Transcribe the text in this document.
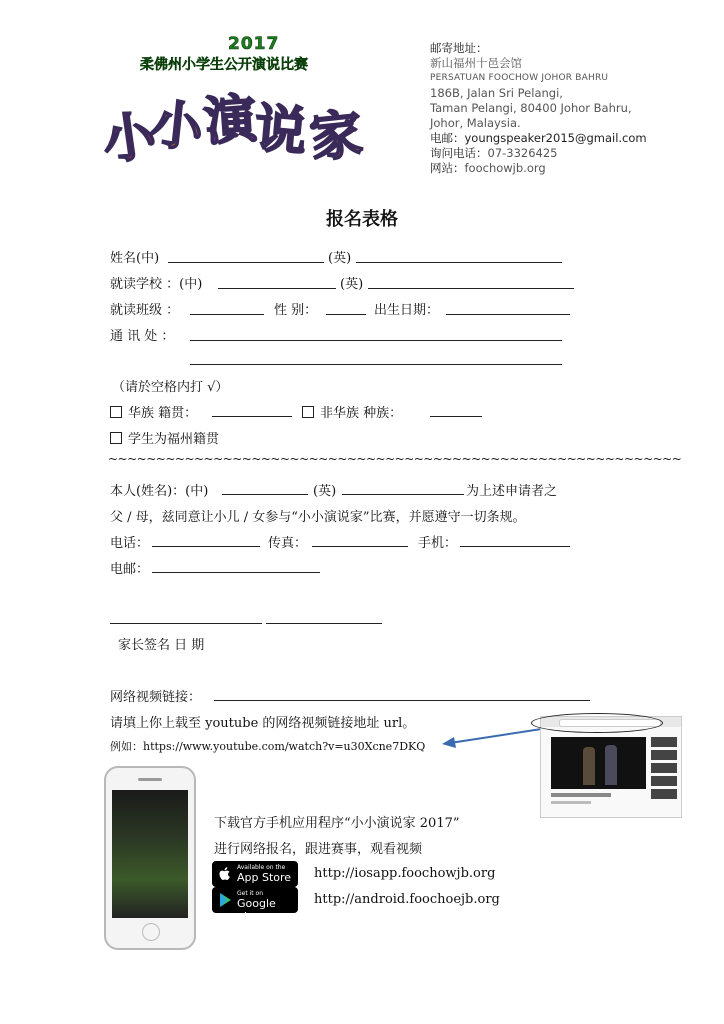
2017
柔佛州小学生公开演说比赛
小小演说家
邮寄地址：
新山福州十邑会馆
PERSATUAN FOOCHOW JOHOR BAHRU
186B, Jalan Sri Pelangi,
Taman Pelangi, 80400 Johor Bahru,
Johor, Malaysia.
电邮：youngspeaker2015@gmail.com
询问电话：07-3326425
网站：foochowjb.org
报名表格
姓名(中)	(英)
就读学校 ：(中)	(英)
就读班级 ：	性 别：	出生日期：
通 讯 处 ：
（请於空格内打 √）
华族 籍贯：	非华族 种族：
学生为福州籍贯
~~~~~~~~~~~~~~~~~~~~~~~~~~~~~~~~~~~~~~~~~~~~~~~~~~~~~~~~~~~~
本人(姓名)：(中)	(英)	为上述申请者之
父 / 母，兹同意让小儿 / 女参与“小小演说家”比赛，并愿遵守一切条规。
电话：	传真：	手机：
电邮：
家长签名 日 期
网络视频链接：
请填上你上载至 youtube 的网络视频链接地址 url。
例如：https://www.youtube.com/watch?v=u30Xcne7DKQ
下载官方手机应用程序“小小演说家 2017”
进行网络报名，跟进赛事，观看视频
Available on the
App Store http://iosapp.foochowjb.org
Get it on
Google play
http://android.foochoejb.org
